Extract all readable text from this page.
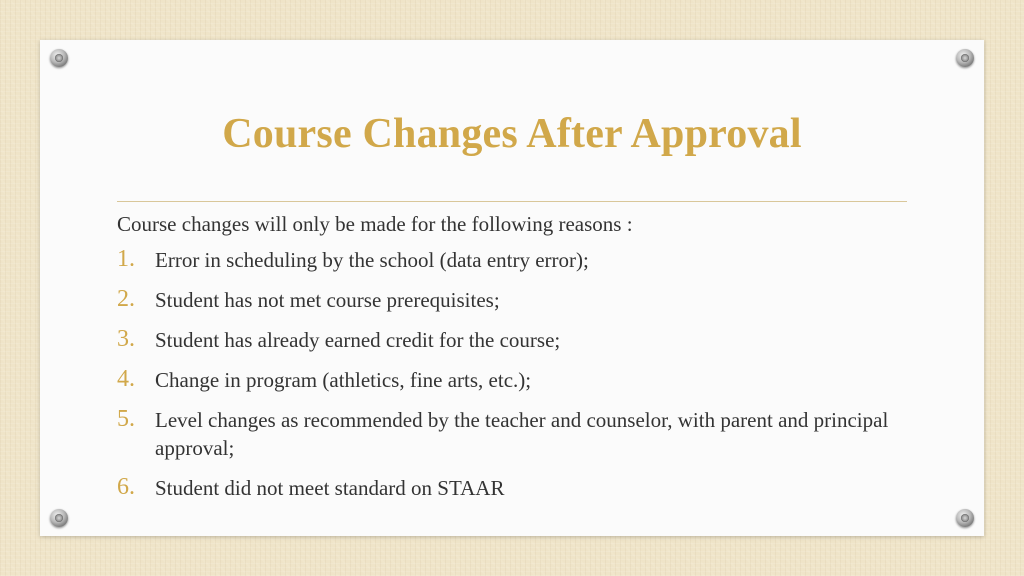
Course Changes After Approval

Course changes will only be made for the following reasons :

1. Error in scheduling by the school (data entry error);
2. Student has not met course prerequisites;
3. Student has already earned credit for the course;
4. Change in program (athletics, fine arts, etc.);
5. Level changes as recommended by the teacher and counselor, with parent and principal approval;
6. Student did not meet standard on STAAR
